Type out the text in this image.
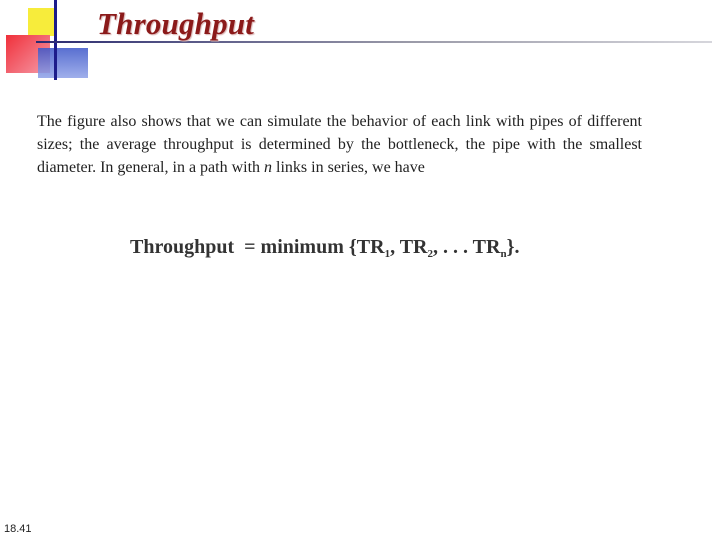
Throughput

The figure also shows that we can simulate the behavior of each link with pipes of different sizes; the average throughput is determined by the bottleneck, the pipe with the smallest diameter. In general, in a path with n links in series, we have

Throughput = minimum {$TR_1$, $TR_2$, . . . $TR_n$}.
18.41
